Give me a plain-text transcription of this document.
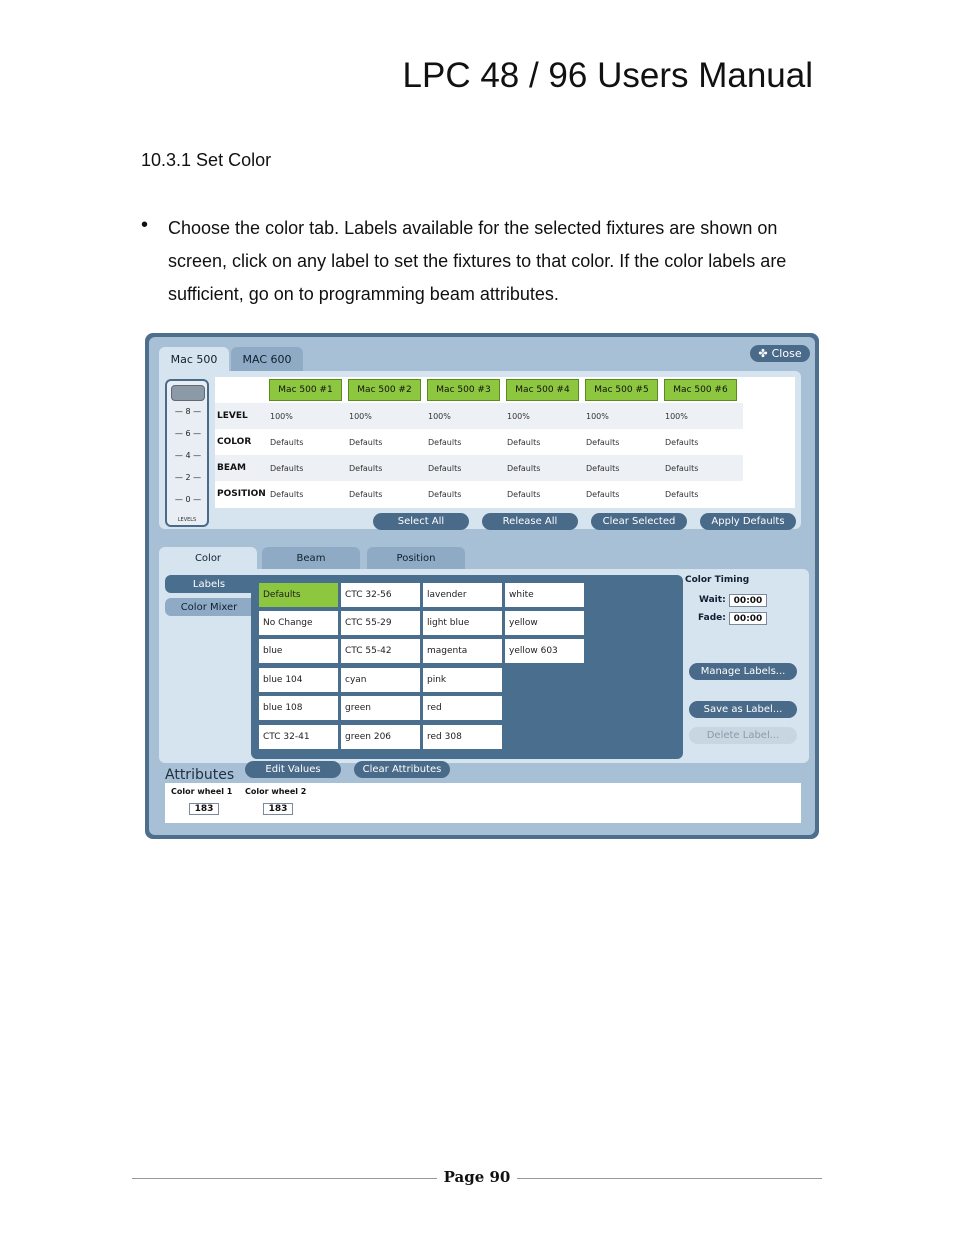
LPC 48 / 96 Users Manual
10.3.1 Set Color
• Choose the color tab. Labels available for the selected fixtures are shown on screen, click on any label to set the fixtures to that color. If the color labels are sufficient, go on to programming beam attributes.
Mac 500	MAC 600	✤ Close
— 8 —
— 6 —
— 4 —
— 2 —
— 0 —
LEVELS
Mac 500 #1	Mac 500 #2	Mac 500 #3	Mac 500 #4	Mac 500 #5	Mac 500 #6
LEVEL	100%	100%	100%	100%	100%	100%
COLOR Defaults	Defaults	Defaults	Defaults	Defaults	Defaults
BEAM	Defaults	Defaults	Defaults	Defaults	Defaults	Defaults
POSITION Defaults	Defaults	Defaults	Defaults	Defaults	Defaults
Select All	Release All	Clear Selected	Apply Defaults
Color	Beam	Position
Labels
Color Mixer
Defaults	CTC 32-56	lavender	white
No Change	CTC 55-29	light blue	yellow
blue	CTC 55-42	magenta	yellow 603
blue 104	cyan	pink
blue 108	green	red
CTC 32-41	green 206	red 308
Color Timing
Wait: 00:00
Fade: 00:00
Manage Labels...
Save as Label...
Delete Label...
Attributes	Edit Values	Clear Attributes
Color wheel 1
183
Color wheel 2
183
Page 90
